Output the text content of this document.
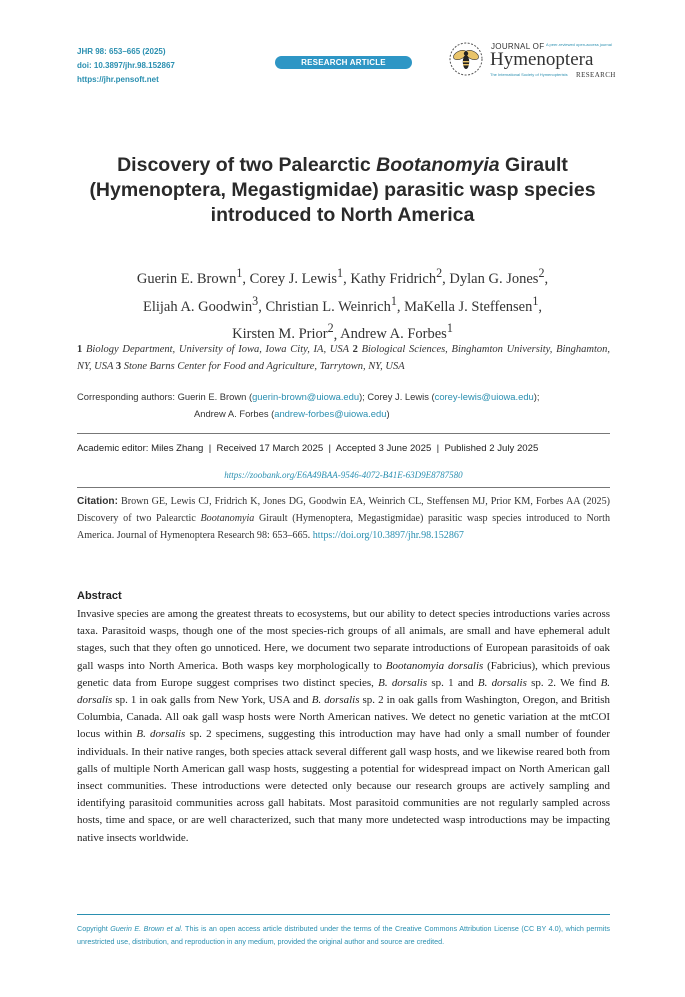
JHR 98: 653–665 (2025)
doi: 10.3897/jhr.98.152867
https://jhr.pensoft.net
RESEARCH ARTICLE
JOURNAL OF A peer-reviewed open-access journal
Hymenoptera
The International Society of Hymenopterists RESEARCH
Discovery of two Palearctic Bootanomyia Girault (Hymenoptera, Megastigmidae) parasitic wasp species introduced to North America
Guerin E. Brown$^1$, Corey J. Lewis$^1$, Kathy Fridrich$^2$, Dylan G. Jones$^2$,
Elijah A. Goodwin$^3$, Christian L. Weinrich$^1$, MaKella J. Steffensen$^1$,
Kirsten M. Prior$^2$, Andrew A. Forbes$^1$
1 Biology Department, University of Iowa, Iowa City, IA, USA 2 Biological Sciences, Binghamton University, Binghamton, NY, USA 3 Stone Barns Center for Food and Agriculture, Tarrytown, NY, USA
Corresponding authors: Guerin E. Brown (guerin-brown@uiowa.edu); Corey J. Lewis (corey-lewis@uiowa.edu);
Andrew A. Forbes (andrew-forbes@uiowa.edu)
Academic editor: Miles Zhang  |  Received 17 March 2025  |  Accepted 3 June 2025  |  Published 2 July 2025
https://zoobank.org/E6A49BAA-9546-4072-B41E-63D9E8787580
Citation: Brown GE, Lewis CJ, Fridrich K, Jones DG, Goodwin EA, Weinrich CL, Steffensen MJ, Prior KM, Forbes AA (2025) Discovery of two Palearctic Bootanomyia Girault (Hymenoptera, Megastigmidae) parasitic wasp species introduced to North America. Journal of Hymenoptera Research 98: 653–665. https://doi.org/10.3897/jhr.98.152867
Abstract
Invasive species are among the greatest threats to ecosystems, but our ability to detect species introductions varies across taxa. Parasitoid wasps, though one of the most species-rich groups of all animals, are small and have ephemeral adult stages, such that they often go unnoticed. Here, we document two separate introductions of European parasitoids of oak gall wasps into North America. Both wasps key morphologically to Bootanomyia dorsalis (Fabricius), which previous genetic data from Europe suggest comprises two distinct species, B. dorsalis sp. 1 and B. dorsalis sp. 2. We find B. dorsalis sp. 1 in oak galls from New York, USA and B. dorsalis sp. 2 in oak galls from Washington, Oregon, and British Columbia, Canada. All oak gall wasp hosts were North American natives. We detect no genetic variation at the mtCOI locus within B. dorsalis sp. 2 specimens, suggesting this introduction may have had only a small number of founder individuals. In their native ranges, both species attack several different gall wasp hosts, and we likewise reared both from galls of multiple North American gall wasp hosts, suggesting a potential for widespread impact on North American gall insect communities. These introductions were detected only because our research groups are actively sampling and identifying parasitoid communities across gall habitats. Most parasitoid communities are not regularly sampled across hosts, time and space, or are well characterized, such that many more undetected wasp introductions may be impacting native insects worldwide.
Copyright Guerin E. Brown et al. This is an open access article distributed under the terms of the Creative Commons Attribution License (CC BY 4.0), which permits unrestricted use, distribution, and reproduction in any medium, provided the original author and source are credited.
